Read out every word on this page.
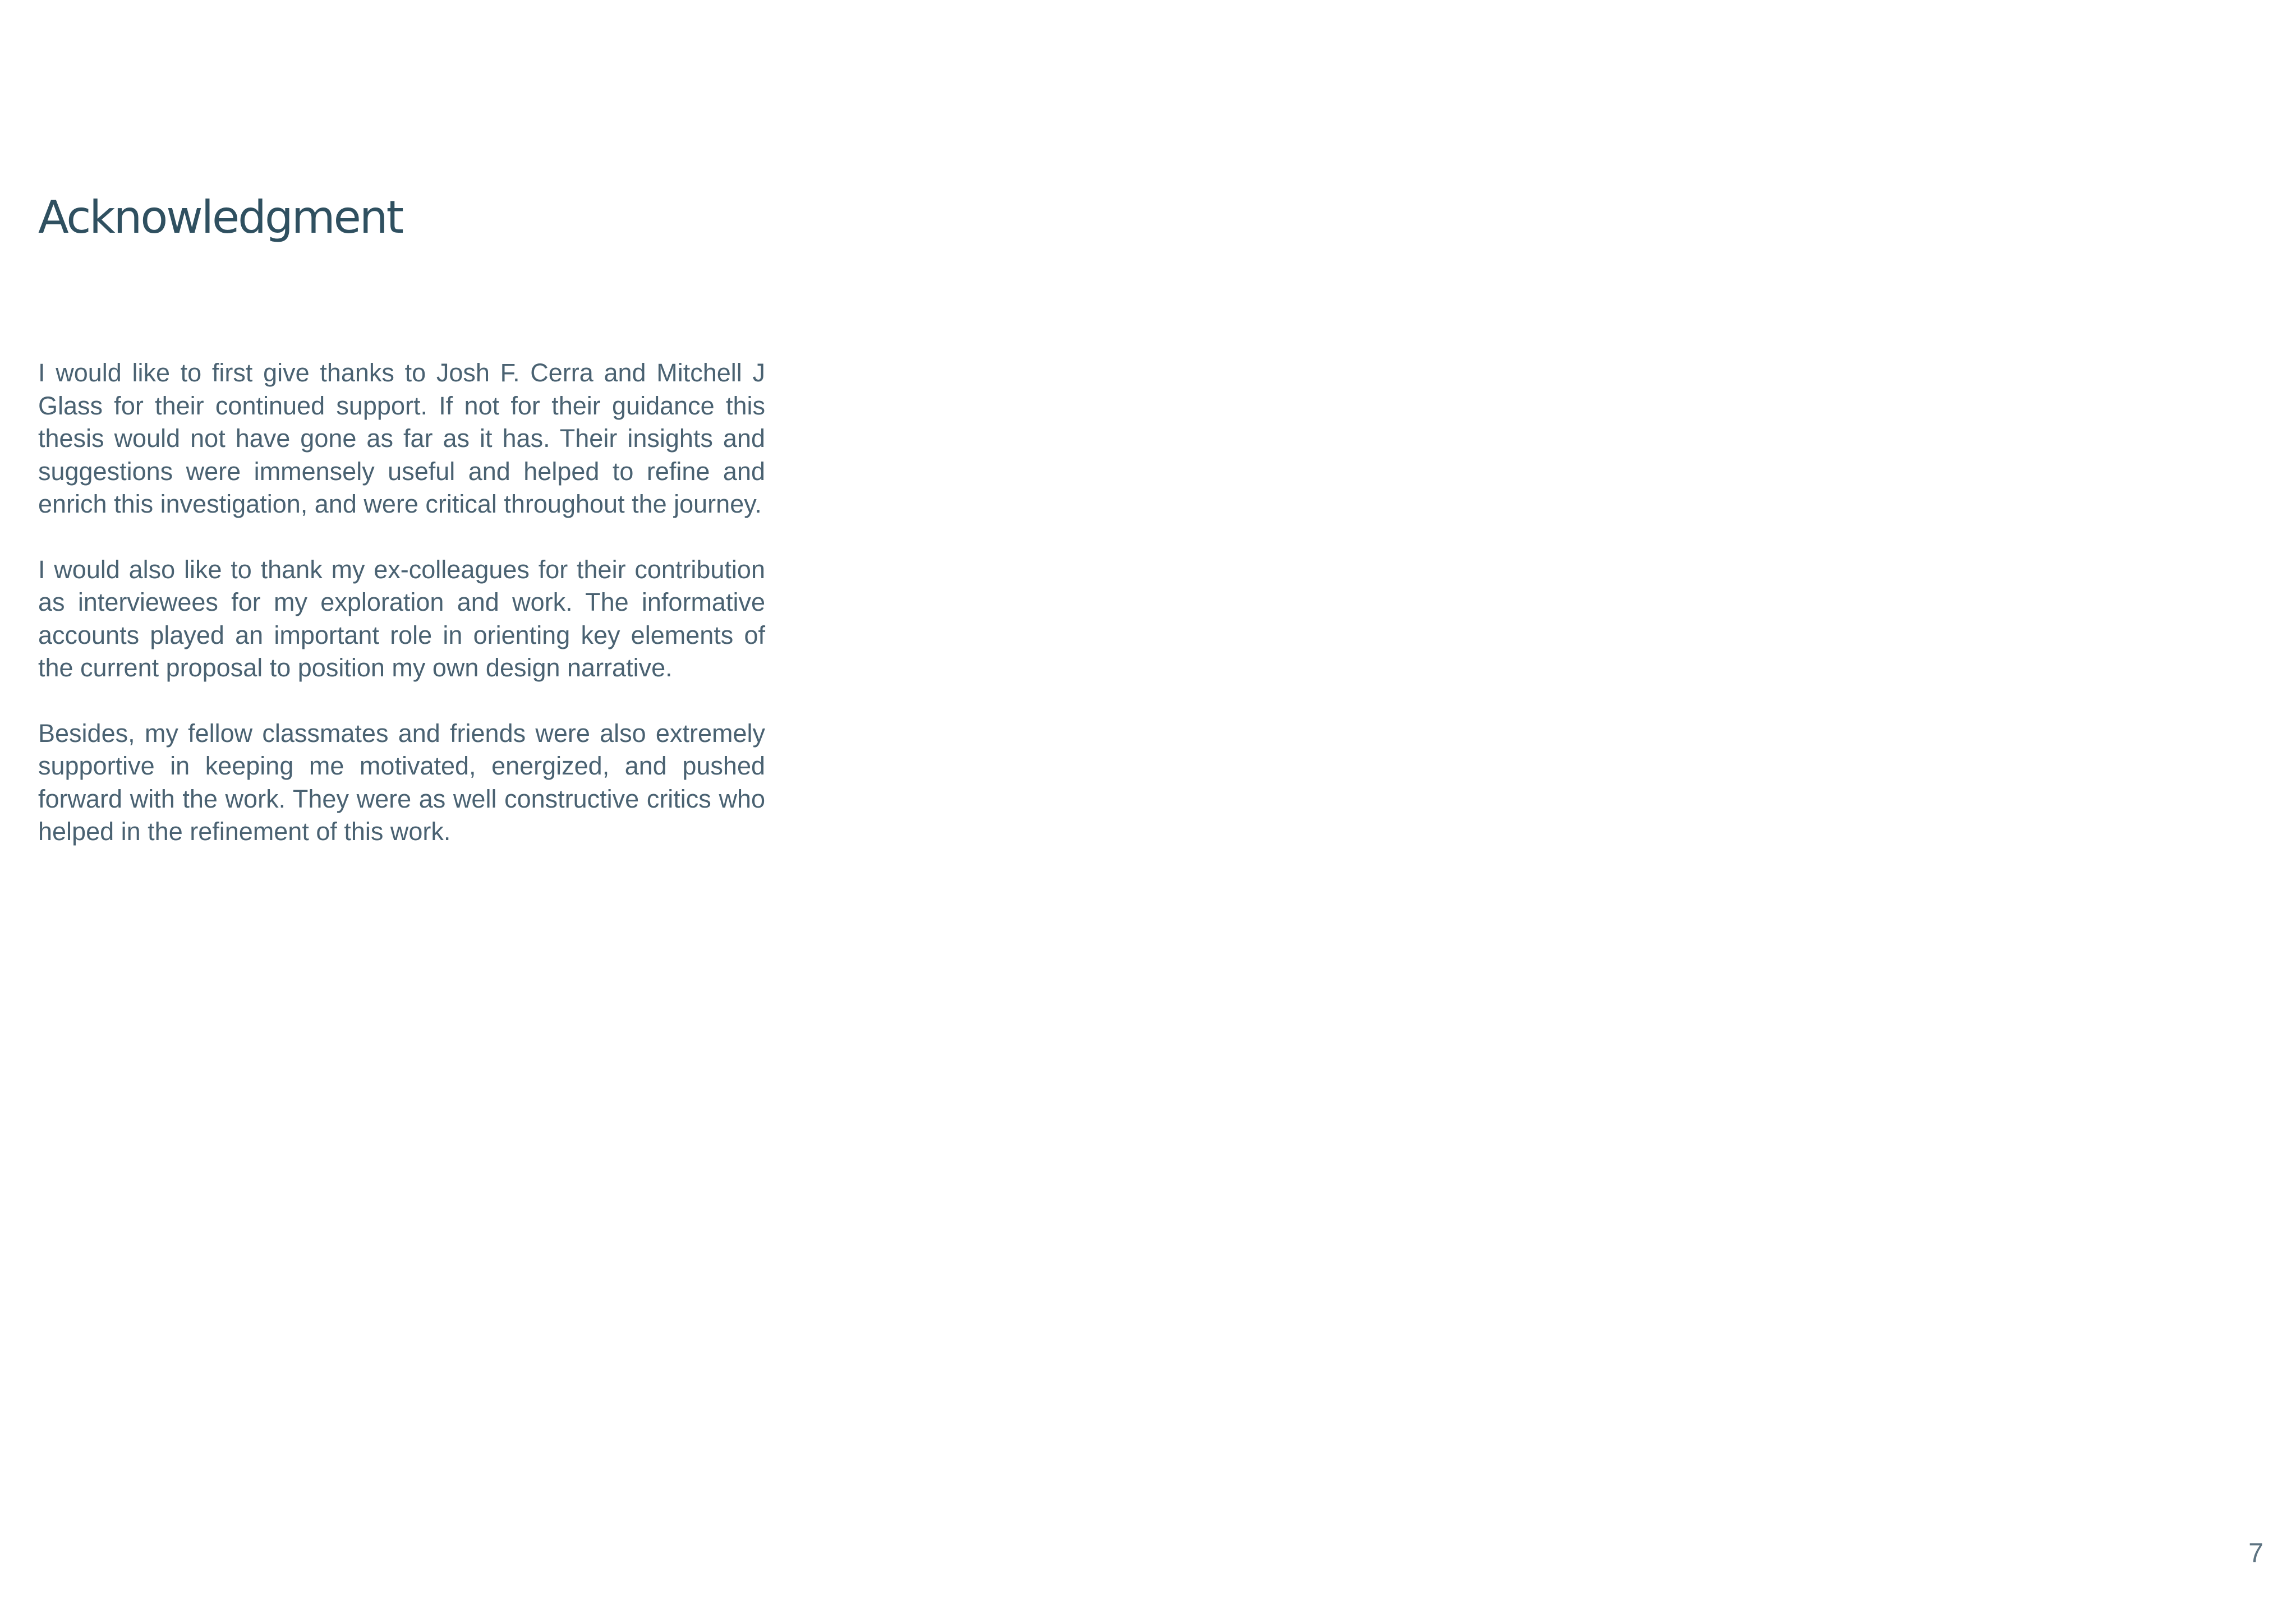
Acknowledgment

I would like to first give thanks to Josh F. Cerra and Mitchell J Glass for their continued support. If not for their guidance this thesis would not have gone as far as it has. Their insights and suggestions were immensely useful and helped to refine and enrich this investigation, and were critical throughout the journey.

I would also like to thank my ex-colleagues for their contribution as interviewees for my exploration and work. The informative accounts played an important role in orienting key elements of the current proposal to position my own design narrative.

Besides, my fellow classmates and friends were also extremely supportive in keeping me motivated, energized, and pushed forward with the work. They were as well constructive critics who helped in the refinement of this work.

7
